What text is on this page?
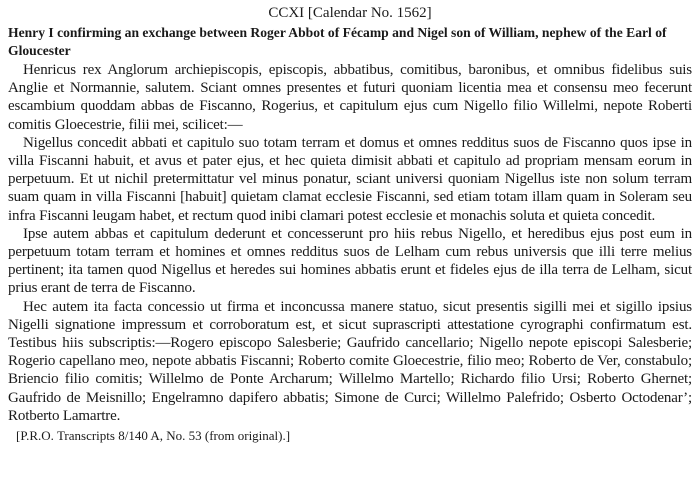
CCXI [Calendar No. 1562]
Henry I confirming an exchange between Roger Abbot of Fécamp and Nigel son of William, nephew of the Earl of Gloucester

Henricus rex Anglorum archiepiscopis, episcopis, abbatibus, comitibus, baronibus, et omnibus fidelibus suis Anglie et Normannie, salutem. Sciant omnes presentes et futuri quoniam licentia mea et consensu meo fecerunt escambium quoddam abbas de Fiscanno, Rogerius, et capitulum ejus cum Nigello filio Willelmi, nepote Roberti comitis Gloecestrie, filii mei, scilicet:—

Nigellus concedit abbati et capitulo suo totam terram et domus et omnes redditus suos de Fiscanno quos ipse in villa Fiscanni habuit, et avus et pater ejus, et hec quieta dimisit abbati et capitulo ad propriam mensam eorum in perpetuum. Et ut nichil pretermittatur vel minus ponatur, sciant universi quoniam Nigellus iste non solum terram suam quam in villa Fiscanni [habuit] quietam clamat ecclesie Fiscanni, sed etiam totam illam quam in Soleram seu infra Fiscanni leugam habet, et rectum quod inibi clamari potest ecclesie et monachis soluta et quieta concedit.

Ipse autem abbas et capitulum dederunt et concesserunt pro hiis rebus Nigello, et heredibus ejus post eum in perpetuum totam terram et homines et omnes redditus suos de Lelham cum rebus universis que illi terre melius pertinent; ita tamen quod Nigellus et heredes sui homines abbatis erunt et fideles ejus de illa terra de Lelham, sicut prius erant de terra de Fiscanno.

Hec autem ita facta concessio ut firma et inconcussa manere statuo, sicut presentis sigilli mei et sigillo ipsius Nigelli signatione impressum et corroboratum est, et sicut suprascripti attestatione cyrographi confirmatum est. Testibus hiis subscriptis:—Rogero episcopo Salesberie; Gaufrido cancellario; Nigello nepote episcopi Salesberie; Rogerio capellano meo, nepote abbatis Fiscanni; Roberto comite Gloecestrie, filio meo; Roberto de Ver, constabulo; Briencio filio comitis; Willelmo de Ponte Archarum; Willelmo Martello; Richardo filio Ursi; Roberto Ghernet; Gaufrido de Meisnillo; Engelramno dapifero abbatis; Simone de Curci; Willelmo Palefrido; Osberto Octodenar’; Rotberto Lamartre.

[P.R.O. Transcripts 8/140 A, No. 53 (from original).]
